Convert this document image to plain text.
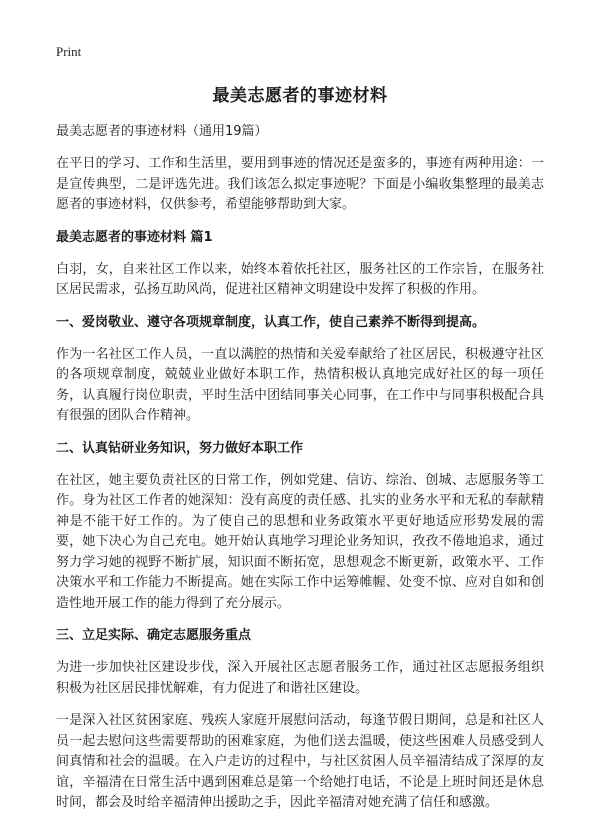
Print
最美志愿者的事迹材料
最美志愿者的事迹材料（通用19篇）
在平日的学习、工作和生活里，要用到事迹的情况还是蛮多的，事迹有两种用途：一是宣传典型，二是评选先进。我们该怎么拟定事迹呢？下面是小编收集整理的最美志愿者的事迹材料，仅供参考，希望能够帮助到大家。
最美志愿者的事迹材料 篇1
白羽，女，自来社区工作以来，始终本着依托社区，服务社区的工作宗旨，在服务社区居民需求，弘扬互助风尚，促进社区精神文明建设中发挥了积极的作用。
一、爱岗敬业、遵守各项规章制度，认真工作，使自己素养不断得到提高。
作为一名社区工作人员，一直以满腔的热情和关爱奉献给了社区居民，积极遵守社区的各项规章制度，兢兢业业做好本职工作，热情积极认真地完成好社区的每一项任务，认真履行岗位职责，平时生活中团结同事关心同事，在工作中与同事积极配合具有很强的团队合作精神。
二、认真钻研业务知识，努力做好本职工作
在社区，她主要负责社区的日常工作，例如党建、信访、综治、创城、志愿服务等工作。身为社区工作者的她深知：没有高度的责任感、扎实的业务水平和无私的奉献精神是不能干好工作的。为了使自己的思想和业务政策水平更好地适应形势发展的需要，她下决心为自己充电。她开始认真地学习理论业务知识，孜孜不倦地追求，通过努力学习她的视野不断扩展，知识面不断拓宽，思想观念不断更新，政策水平、工作决策水平和工作能力不断提高。她在实际工作中运筹帷幄、处变不惊、应对自如和创造性地开展工作的能力得到了充分展示。
三、立足实际、确定志愿服务重点
为进一步加快社区建设步伐，深入开展社区志愿者服务工作，通过社区志愿报务组织积极为社区居民排忧解难，有力促进了和谐社区建设。
一是深入社区贫困家庭、残疾人家庭开展慰问活动，每逢节假日期间，总是和社区人员一起去慰问这些需要帮助的困难家庭，为他们送去温暖，使这些困难人员感受到人间真情和社会的温暖。在入户走访的过程中，与社区贫困人员辛福清结成了深厚的友谊，辛福清在日常生活中遇到困难总是第一个给她打电话，不论是上班时间还是休息时间，都会及时给辛福清伸出援助之手，因此辛福清对她充满了信任和感激。
